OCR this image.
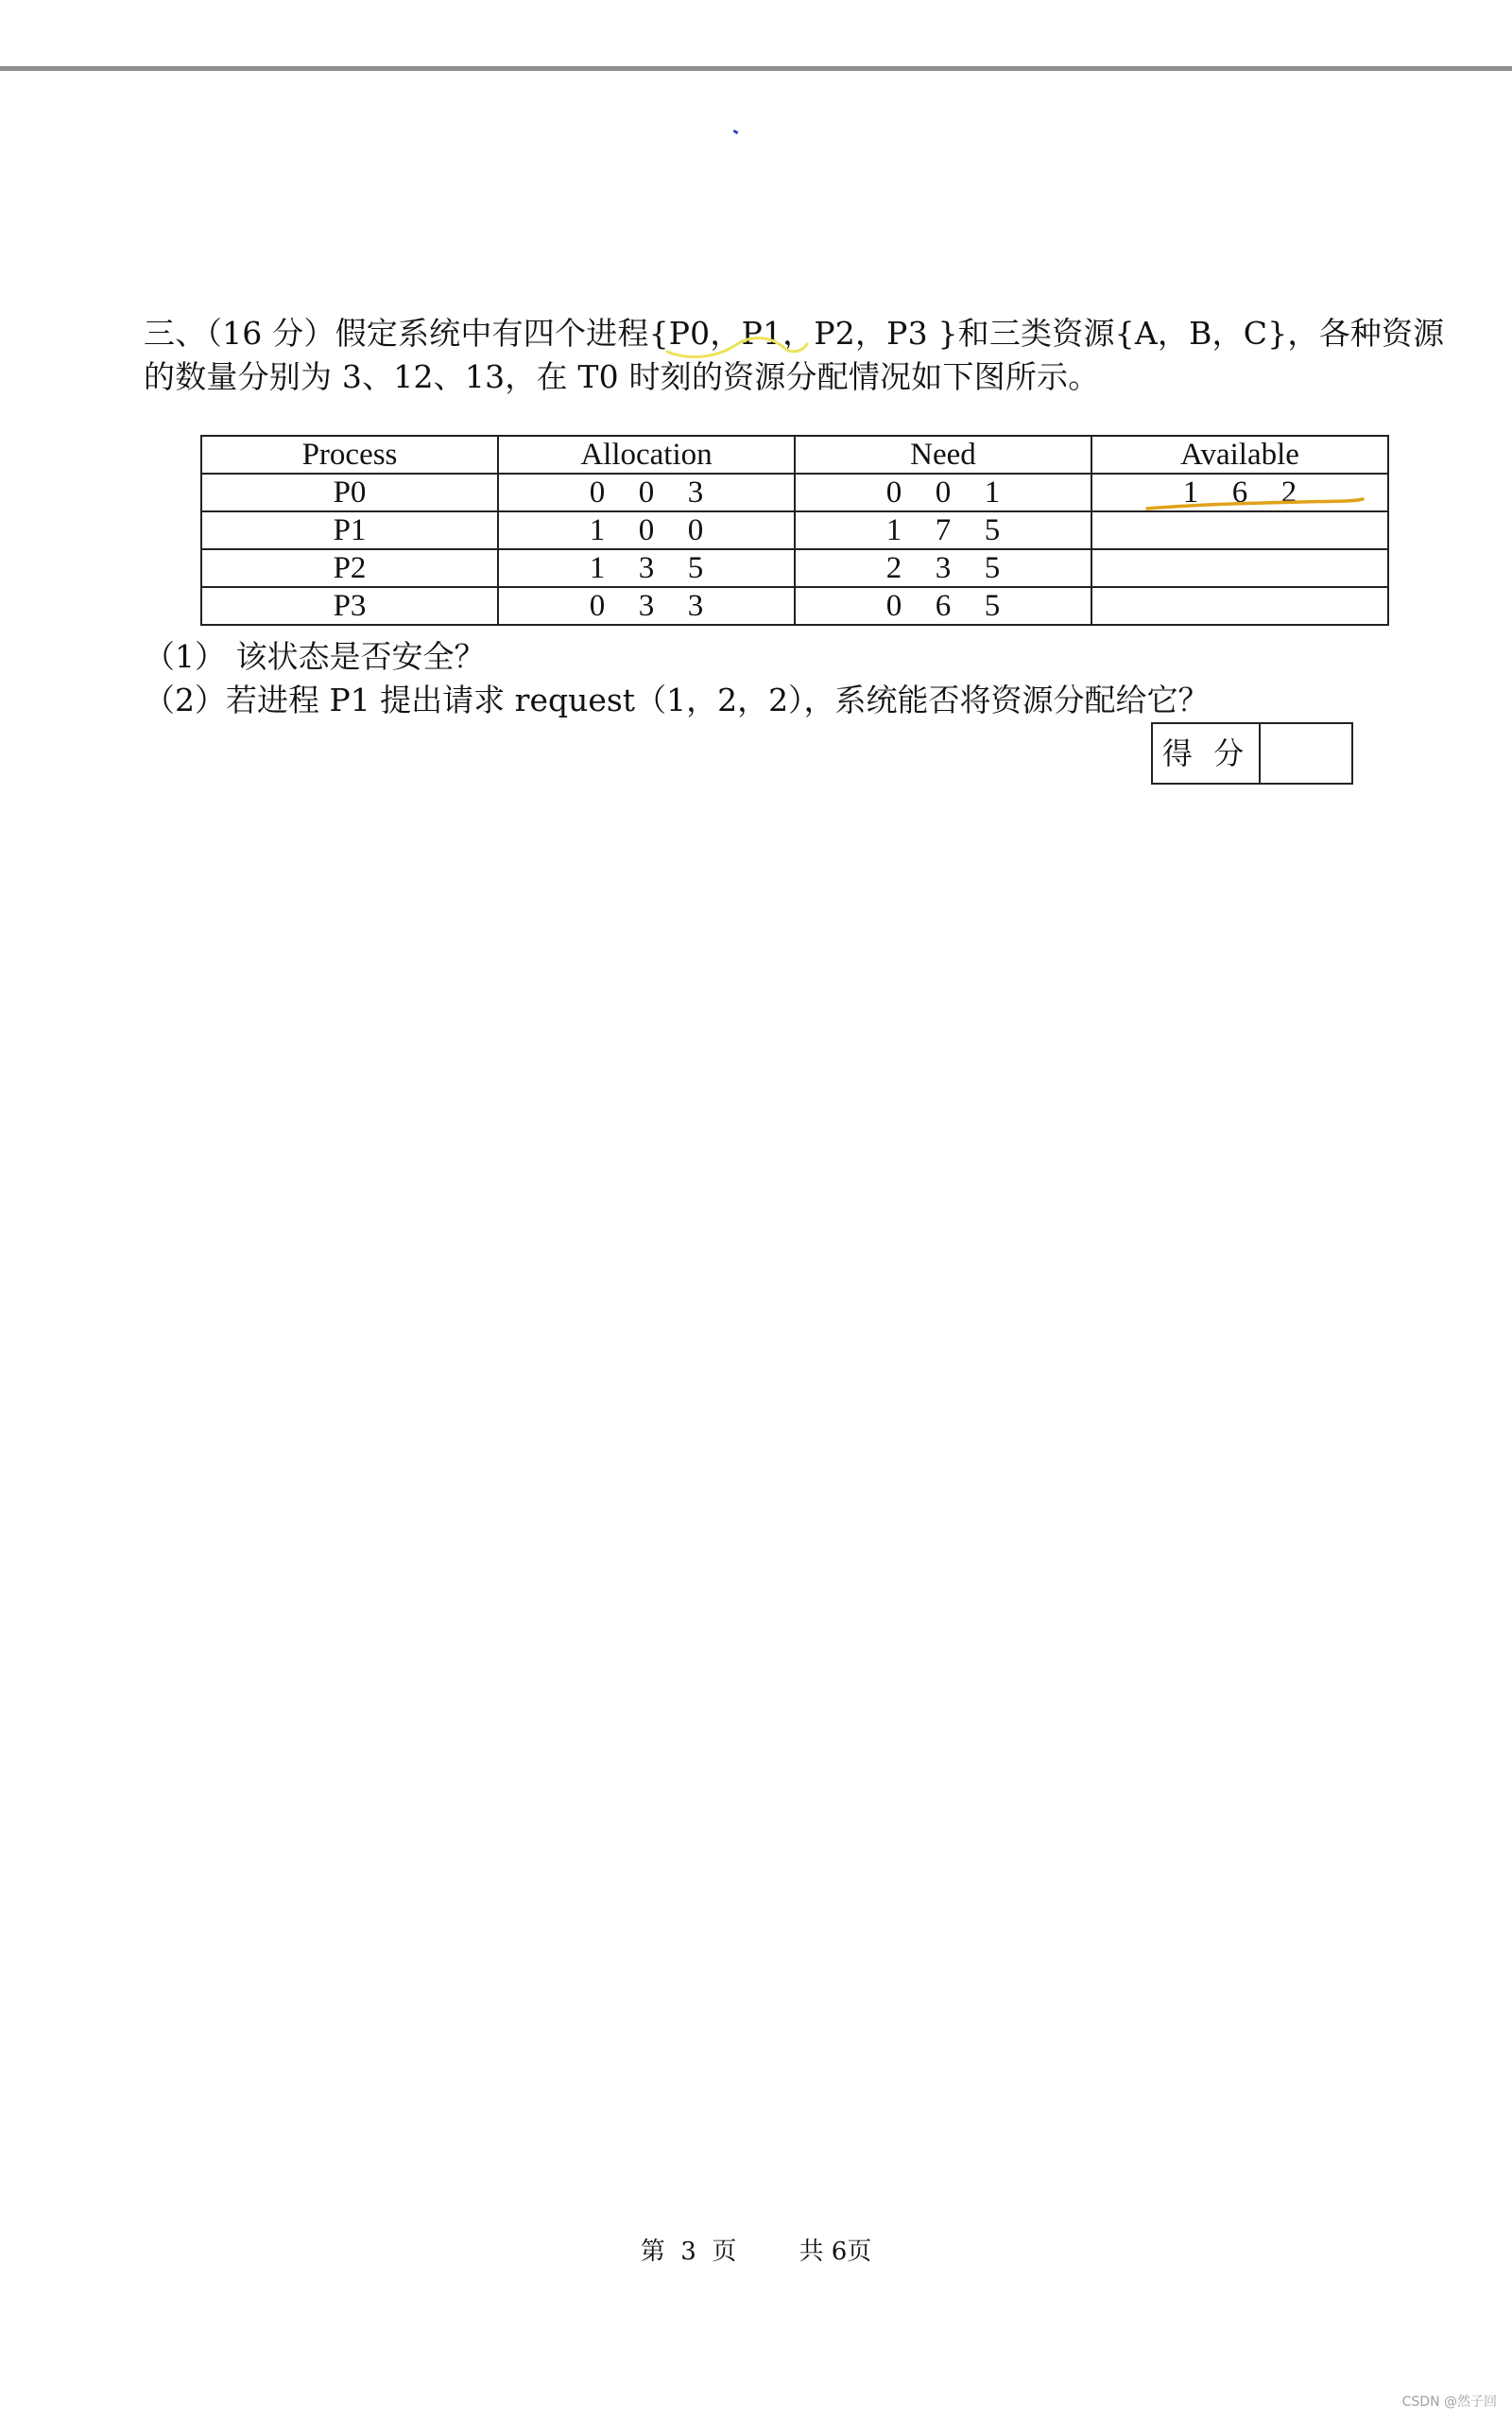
三、（16 分）假定系统中有四个进程{P0，P1，P2，P3 }和三类资源{A，B，C}，各种资源

的数量分别为 3、12、13，在 T0 时刻的资源分配情况如下图所示。

Process	Allocation	Need	Available
P0	0 0 3	0 0 1	1 6 2
P1	1 0 0	1 7 5	
P2	1 3 5	2 3 5	
P3	0 3 3	0 6 5	
（1） 该状态是否安全？
（2）若进程 P1 提出请求 request（1，2，2），系统能否将资源分配给它？
得 分
第  3  页	共 6页
CSDN @然子回
